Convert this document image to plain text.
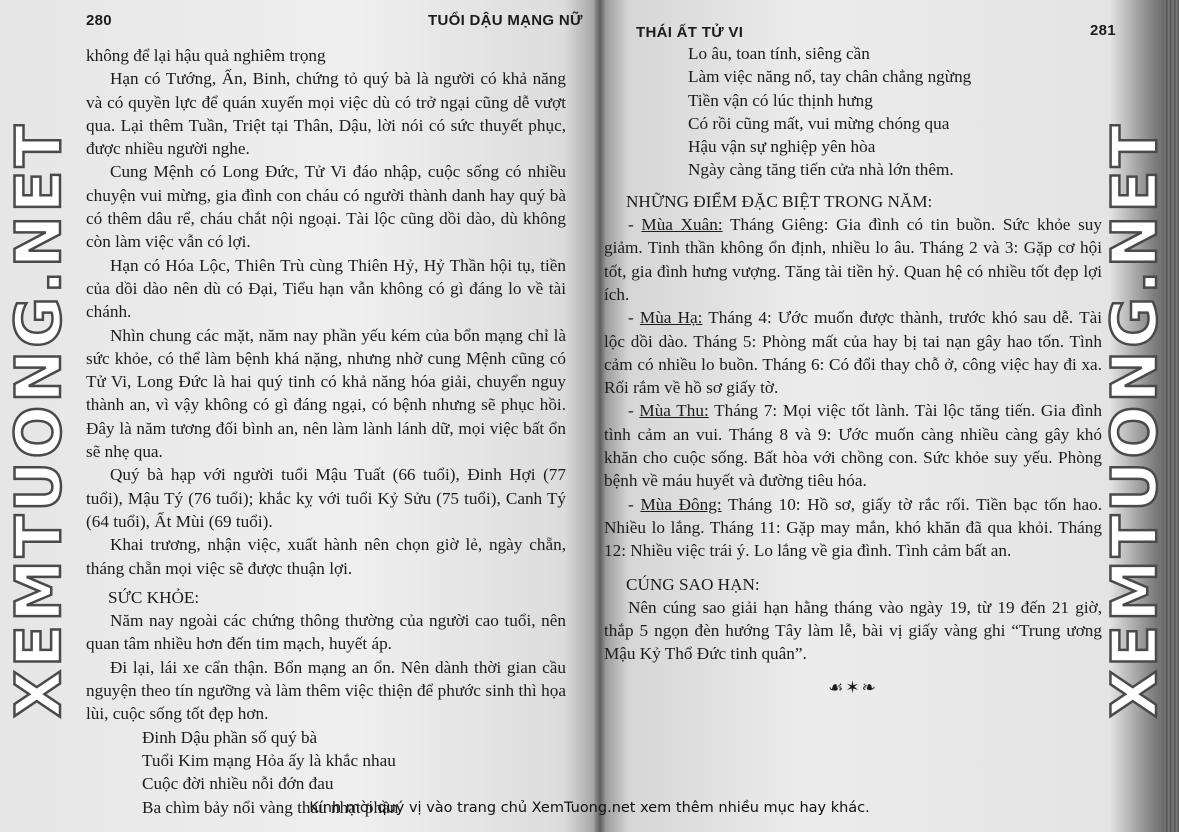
280	TUỔI DẬU MẠNG NỮ
THÁI ẤT TỬ VI	281

không để lại hậu quả nghiêm trọng

Hạn có Tướng, Ấn, Binh, chứng tỏ quý bà là người có khả năng và có quyền lực để quán xuyến mọi việc dù có trở ngại cũng dễ vượt qua. Lại thêm Tuần, Triệt tại Thân, Dậu, lời nói có sức thuyết phục, được nhiều người nghe.

Cung Mệnh có Long Đức, Tử Vi đáo nhập, cuộc sống có nhiều chuyện vui mừng, gia đình con cháu có người thành danh hay quý bà có thêm dâu rể, cháu chắt nội ngoại. Tài lộc cũng dồi dào, dù không còn làm việc vẫn có lợi.

Hạn có Hóa Lộc, Thiên Trù cùng Thiên Hỷ, Hỷ Thần hội tụ, tiền của dồi dào nên dù có Đại, Tiểu hạn vẫn không có gì đáng lo về tài chánh.

Nhìn chung các mặt, năm nay phần yếu kém của bổn mạng chỉ là sức khỏe, có thể làm bệnh khá nặng, nhưng nhờ cung Mệnh cũng có Tử Vi, Long Đức là hai quý tinh có khả năng hóa giải, chuyển nguy thành an, vì vậy không có gì đáng ngại, có bệnh nhưng sẽ phục hồi. Đây là năm tương đối bình an, nên làm lành lánh dữ, mọi việc bất ổn sẽ nhẹ qua.

Quý bà hạp với người tuổi Mậu Tuất (66 tuổi), Đinh Hợi (77 tuổi), Mậu Tý (76 tuổi); khắc kỵ với tuổi Kỷ Sửu (75 tuổi), Canh Tý (64 tuổi), Ất Mùi (69 tuổi).

Khai trương, nhận việc, xuất hành nên chọn giờ lẻ, ngày chẵn, tháng chẵn mọi việc sẽ được thuận lợi.

SỨC KHỎE:

Năm nay ngoài các chứng thông thường của người cao tuổi, nên quan tâm nhiều hơn đến tim mạch, huyết áp.

Đi lại, lái xe cẩn thận. Bổn mạng an ổn. Nên dành thời gian cầu nguyện theo tín ngưỡng và làm thêm việc thiện để phước sinh thì họa lùi, cuộc sống tốt đẹp hơn.

Đinh Dậu phần số quý bà

Tuổi Kim mạng Hỏa ấy là khắc nhau

Cuộc đời nhiều nỗi đớn đau

Ba chìm bảy nổi vàng thau nhạt phần

Lo âu, toan tính, siêng cần

Làm việc năng nổ, tay chân chẳng ngừng

Tiền vận có lúc thịnh hưng

Có rồi cũng mất, vui mừng chóng qua

Hậu vận sự nghiệp yên hòa

Ngày càng tăng tiến cửa nhà lớn thêm.

NHỮNG ĐIỂM ĐẶC BIỆT TRONG NĂM:

- Mùa Xuân: Tháng Giêng: Gia đình có tin buồn. Sức khỏe suy giảm. Tinh thần không ổn định, nhiều lo âu. Tháng 2 và 3: Gặp cơ hội tốt, gia đình hưng vượng. Tăng tài tiền hỷ. Quan hệ có nhiều tốt đẹp lợi ích.

- Mùa Hạ: Tháng 4: Ước muốn được thành, trước khó sau dễ. Tài lộc dồi dào. Tháng 5: Phòng mất của hay bị tai nạn gây hao tốn. Tình cảm có nhiều lo buồn. Tháng 6: Có đổi thay chỗ ở, công việc hay đi xa. Rối rắm về hồ sơ giấy tờ.

- Mùa Thu: Tháng 7: Mọi việc tốt lành. Tài lộc tăng tiến. Gia đình tình cảm an vui. Tháng 8 và 9: Ước muốn càng nhiều càng gây khó khăn cho cuộc sống. Bất hòa với chồng con. Sức khỏe suy yếu. Phòng bệnh về máu huyết và đường tiêu hóa.

- Mùa Đông: Tháng 10: Hồ sơ, giấy tờ rắc rối. Tiền bạc tốn hao. Nhiều lo lắng. Tháng 11: Gặp may mắn, khó khăn đã qua khỏi. Tháng 12: Nhiều việc trái ý. Lo lắng về gia đình. Tình cảm bất an.

CÚNG SAO HẠN:

Nên cúng sao giải hạn hằng tháng vào ngày 19, từ 19 đến 21 giờ, thắp 5 ngọn đèn hướng Tây làm lễ, bài vị giấy vàng ghi “Trung ương Mậu Kỷ Thổ Đức tinh quân”.

☙✶❧
XEMTUONG.NET	XEMTUONG.NET
Kính mời quý vị vào trang chủ XemTuong.net xem thêm nhiều mục hay khác.
